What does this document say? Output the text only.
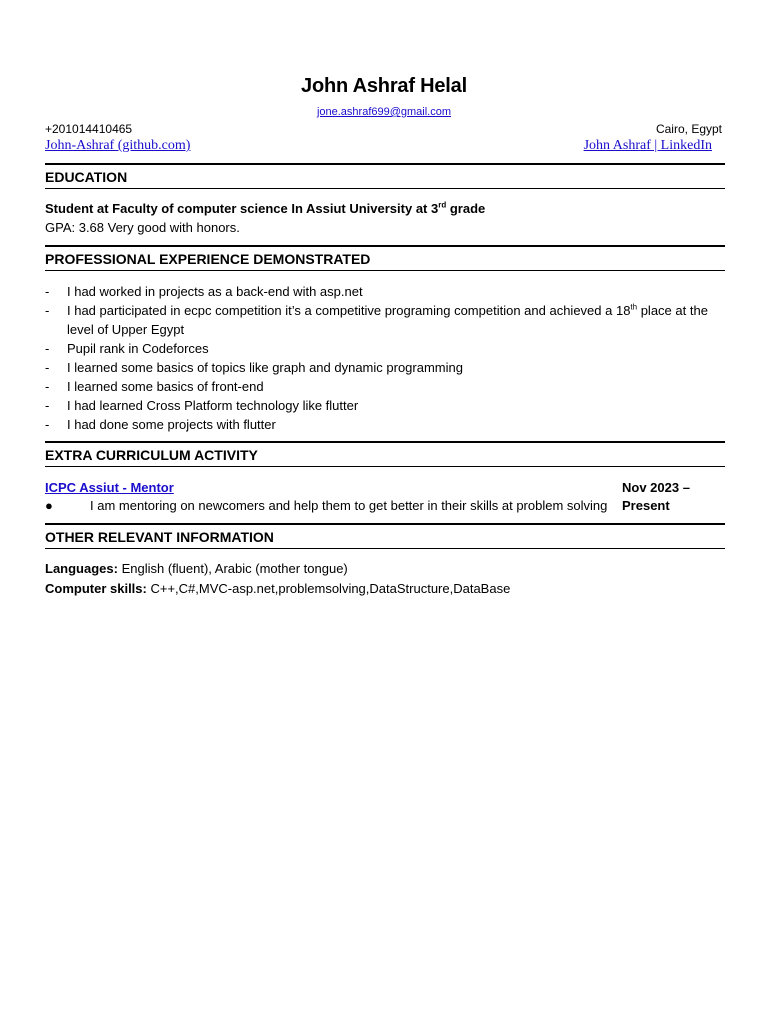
John Ashraf Helal
jone.ashraf699@gmail.com
+201014410465	Cairo, Egypt
John-Ashraf (github.com)	John Ashraf | LinkedIn
EDUCATION
Student at Faculty of computer science In Assiut University at 3rd grade
GPA: 3.68 Very good with honors.
PROFESSIONAL EXPERIENCE DEMONSTRATED
- I had worked in projects as a back-end with asp.net
- I had participated in ecpc competition it’s a competitive programing competition and achieved a 18th place at the level of Upper Egypt
- Pupil rank in Codeforces
- I learned some basics of topics like graph and dynamic programming
- I learned some basics of front-end
- I had learned Cross Platform technology like flutter
- I had done some projects with flutter
EXTRA CURRICULUM ACTIVITY
ICPC Assiut - Mentor	Nov 2023 – Present
●	I am mentoring on newcomers and help them to get better in their skills at problem solving
OTHER RELEVANT INFORMATION
Languages: English (fluent), Arabic (mother tongue)
Computer skills: C++,C#,MVC-asp.net,problemsolving,DataStructure,DataBase
